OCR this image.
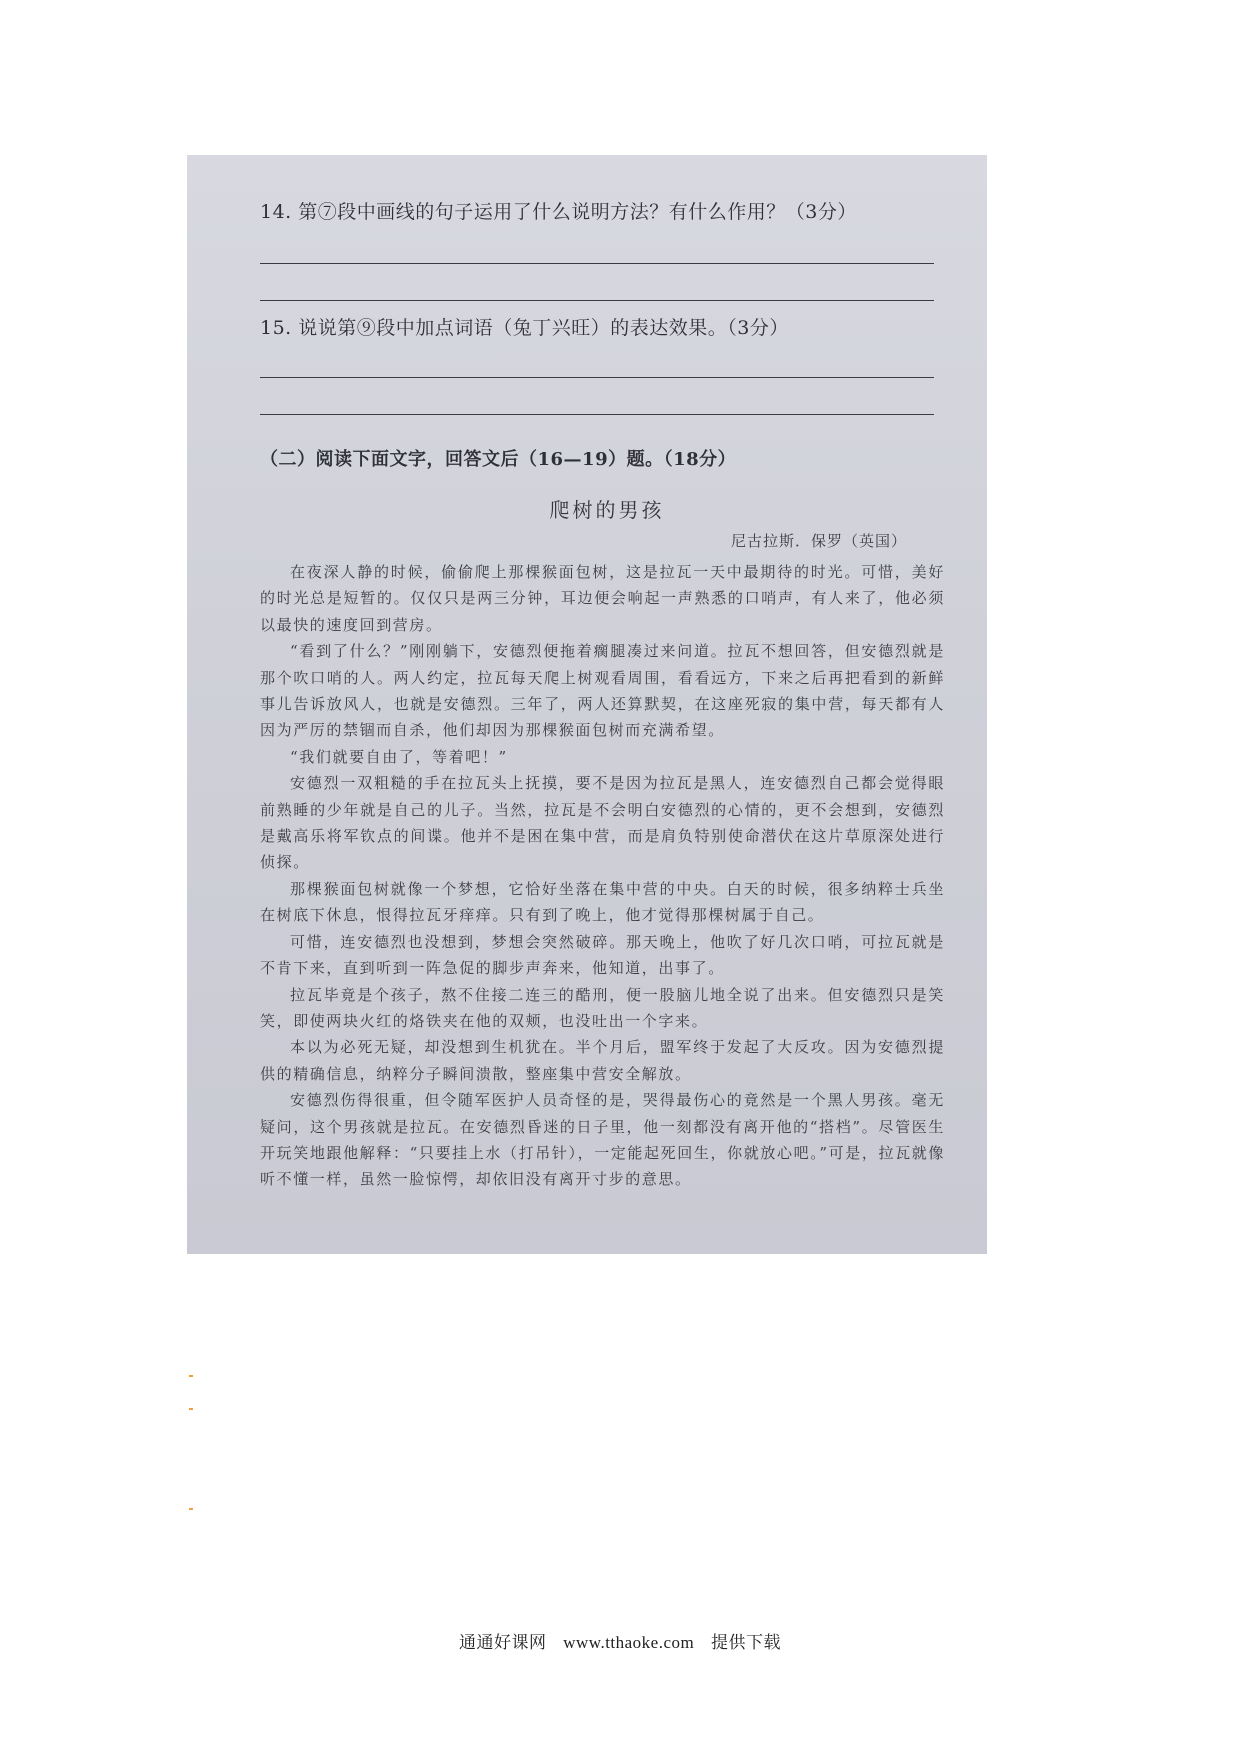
14. 第⑦段中画线的句子运用了什么说明方法？有什么作用？（3分）
15. 说说第⑨段中加点词语（兔丁兴旺）的表达效果。（3分）
（二）阅读下面文字，回答文后（16—19）题。（18分）
爬树的男孩
尼古拉斯．保罗（英国）

在夜深人静的时候，偷偷爬上那棵猴面包树，这是拉瓦一天中最期待的时光。可惜，美好的时光总是短暂的。仅仅只是两三分钟，耳边便会响起一声熟悉的口哨声，有人来了，他必须以最快的速度回到营房。

“看到了什么？”刚刚躺下，安德烈便拖着瘸腿凑过来问道。拉瓦不想回答，但安德烈就是那个吹口哨的人。两人约定，拉瓦每天爬上树观看周围，看看远方，下来之后再把看到的新鲜事儿告诉放风人，也就是安德烈。三年了，两人还算默契，在这座死寂的集中营，每天都有人因为严厉的禁锢而自杀，他们却因为那棵猴面包树而充满希望。

“我们就要自由了，等着吧！”

安德烈一双粗糙的手在拉瓦头上抚摸，要不是因为拉瓦是黑人，连安德烈自己都会觉得眼前熟睡的少年就是自己的儿子。当然，拉瓦是不会明白安德烈的心情的，更不会想到，安德烈是戴高乐将军钦点的间谍。他并不是困在集中营，而是肩负特别使命潜伏在这片草原深处进行侦探。

那棵猴面包树就像一个梦想，它恰好坐落在集中营的中央。白天的时候，很多纳粹士兵坐在树底下休息，恨得拉瓦牙痒痒。只有到了晚上，他才觉得那棵树属于自己。

可惜，连安德烈也没想到，梦想会突然破碎。那天晚上，他吹了好几次口哨，可拉瓦就是不肯下来，直到听到一阵急促的脚步声奔来，他知道，出事了。

拉瓦毕竟是个孩子，熬不住接二连三的酷刑，便一股脑儿地全说了出来。但安德烈只是笑笑，即使两块火红的烙铁夹在他的双颊，也没吐出一个字来。

本以为必死无疑，却没想到生机犹在。半个月后，盟军终于发起了大反攻。因为安德烈提供的精确信息，纳粹分子瞬间溃散，整座集中营安全解放。

安德烈伤得很重，但令随军医护人员奇怪的是，哭得最伤心的竟然是一个黑人男孩。毫无疑问，这个男孩就是拉瓦。在安德烈昏迷的日子里，他一刻都没有离开他的“搭档”。尽管医生开玩笑地跟他解释：“只要挂上水（打吊针），一定能起死回生，你就放心吧。”可是，拉瓦就像听不懂一样，虽然一脸惊愕，却依旧没有离开寸步的意思。

通通好课网 www.tthaoke.com 提供下载
